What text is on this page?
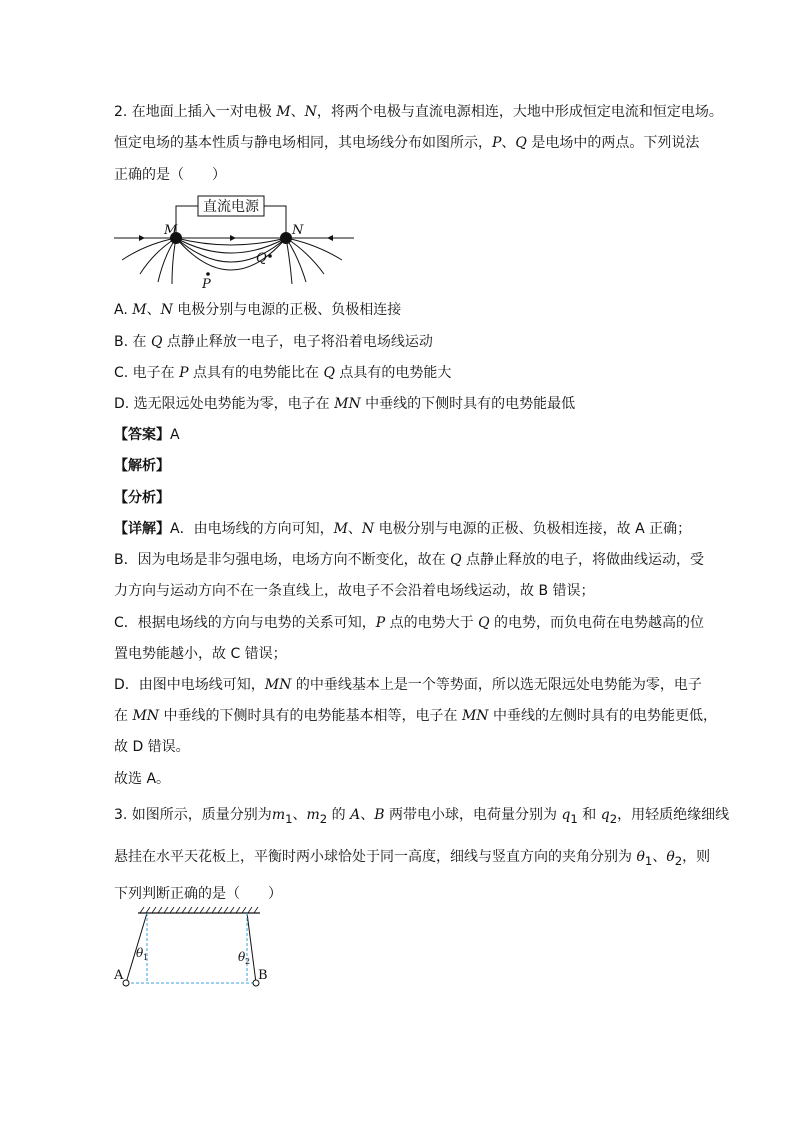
2. 在地面上插入一对电极 M、N，将两个电极与直流电源相连，大地中形成恒定电流和恒定电场。
恒定电场的基本性质与静电场相同，其电场线分布如图所示，P、Q 是电场中的两点。下列说法
正确的是（　　）
直流电源
M	N
P
Q
A. M、N 电极分别与电源的正极、负极相连接
B. 在 Q 点静止释放一电子，电子将沿着电场线运动
C. 电子在 P 点具有的电势能比在 Q 点具有的电势能大
D. 选无限远处电势能为零，电子在 MN 中垂线的下侧时具有的电势能最低
【答案】A
【解析】
【分析】
【详解】A．由电场线的方向可知，M、N 电极分别与电源的正极、负极相连接，故 A 正确；
B．因为电场是非匀强电场，电场方向不断变化，故在 Q 点静止释放的电子，将做曲线运动，受
力方向与运动方向不在一条直线上，故电子不会沿着电场线运动，故 B 错误；
C．根据电场线的方向与电势的关系可知，P 点的电势大于 Q 的电势，而负电荷在电势越高的位
置电势能越小，故 C 错误；
D．由图中电场线可知，MN 的中垂线基本上是一个等势面，所以选无限远处电势能为零，电子
在 MN 中垂线的下侧时具有的电势能基本相等，电子在 MN 中垂线的左侧时具有的电势能更低，
故 D 错误。
故选 A。
3. 如图所示，质量分别为$m_1$、$m_2$ 的 A、B 两带电小球，电荷量分别为 $q_1$ 和 $q_2$，用轻质绝缘细线
悬挂在水平天花板上，平衡时两小球恰处于同一高度，细线与竖直方向的夹角分别为 $\theta_1$、$\theta_2$，则
下列判断正确的是（　　）
A	B
θ 1	θ 2
